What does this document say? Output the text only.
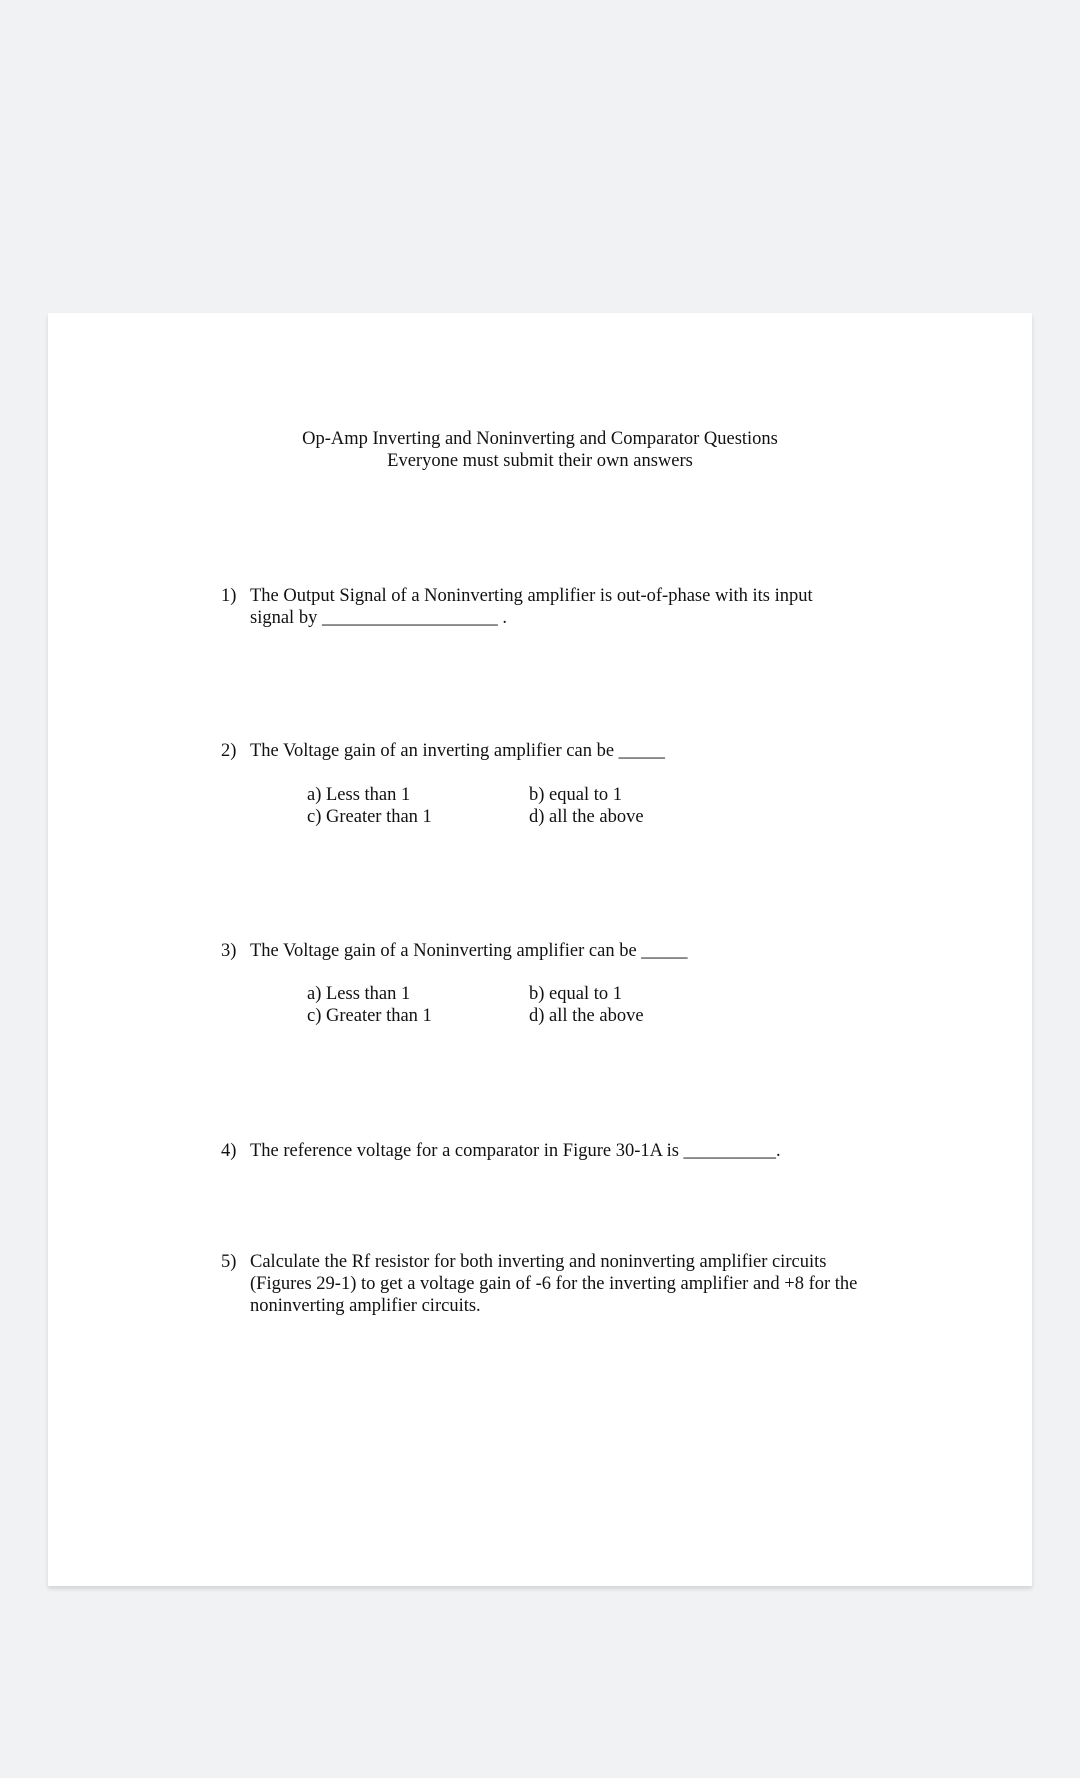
Op-Amp Inverting and Noninverting and Comparator Questions
Everyone must submit their own answers
1) The Output Signal of a Noninverting amplifier is out-of-phase with its input
signal by ___________________ .
2) The Voltage gain of an inverting amplifier can be _____
a) Less than 1	b) equal to 1
c) Greater than 1	d) all the above
3) The Voltage gain of a Noninverting amplifier can be _____
a) Less than 1	b) equal to 1
c) Greater than 1	d) all the above
4) The reference voltage for a comparator in Figure 30-1A is __________.
5) Calculate the Rf resistor for both inverting and noninverting amplifier circuits
(Figures 29-1) to get a voltage gain of -6 for the inverting amplifier and +8 for the
noninverting amplifier circuits.
